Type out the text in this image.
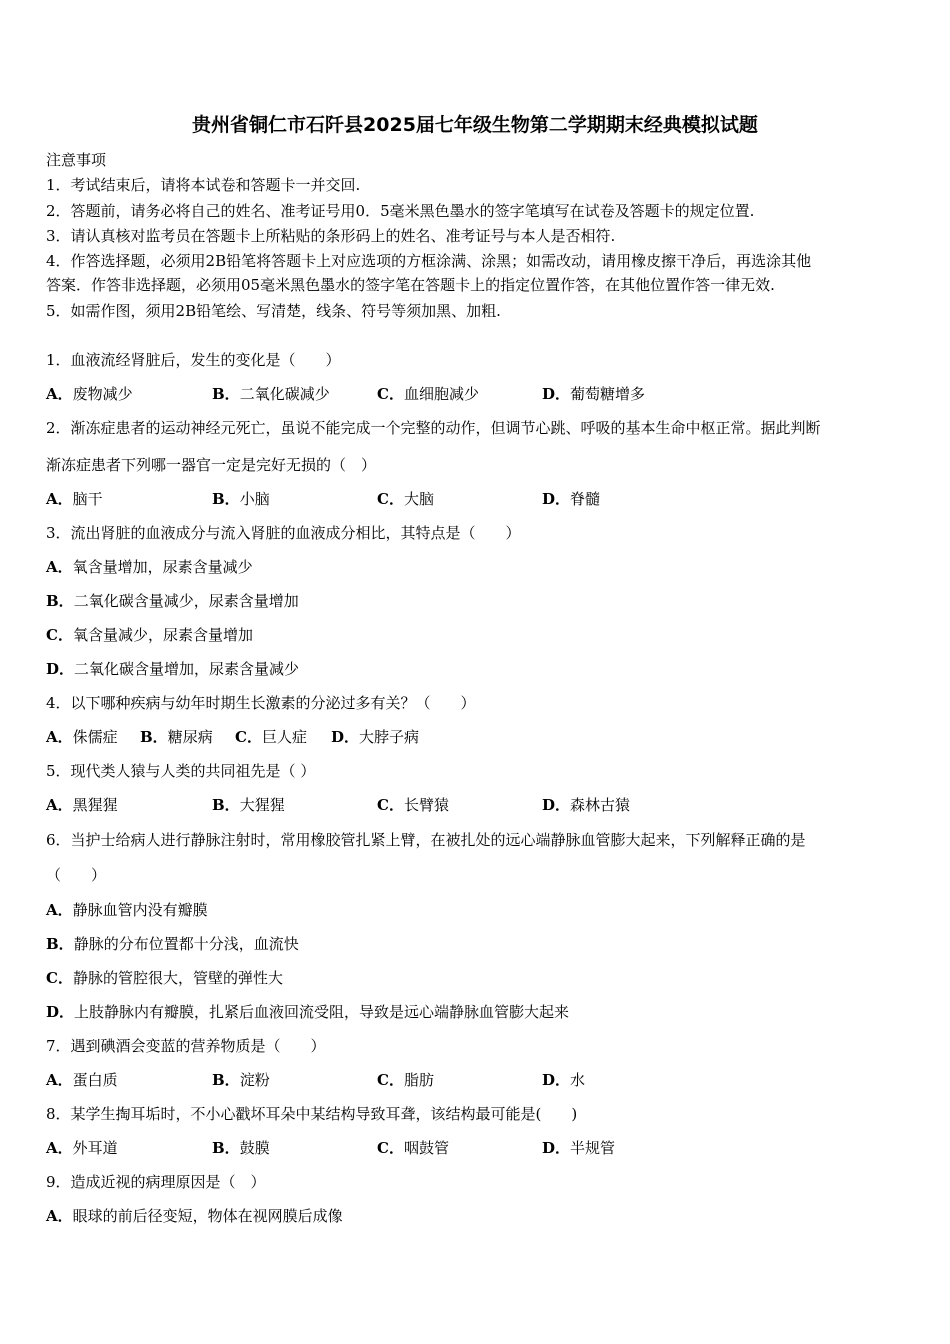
贵州省铜仁市石阡县2025届七年级生物第二学期期末经典模拟试题
注意事项
1．考试结束后，请将本试卷和答题卡一并交回.
2．答题前，请务必将自己的姓名、准考证号用0．5毫米黑色墨水的签字笔填写在试卷及答题卡的规定位置.
3．请认真核对监考员在答题卡上所粘贴的条形码上的姓名、准考证号与本人是否相符.
4．作答选择题，必须用2B铅笔将答题卡上对应选项的方框涂满、涂黑；如需改动，请用橡皮擦干净后，再选涂其他
答案．作答非选择题，必须用05毫米黑色墨水的签字笔在答题卡上的指定位置作答，在其他位置作答一律无效.
5．如需作图，须用2B铅笔绘、写清楚，线条、符号等须加黑、加粗.
1．血液流经肾脏后，发生的变化是（　　）
A．废物减少	B．二氧化碳减少	C．血细胞减少	D．葡萄糖增多
2．渐冻症患者的运动神经元死亡，虽说不能完成一个完整的动作，但调节心跳、呼吸的基本生命中枢正常。据此判断
渐冻症患者下列哪一器官一定是完好无损的（　）
A．脑干	B．小脑	C．大脑	D．脊髓
3．流出肾脏的血液成分与流入肾脏的血液成分相比，其特点是（　　）
A．氧含量增加，尿素含量减少
B．二氧化碳含量减少，尿素含量增加
C．氧含量减少，尿素含量增加
D．二氧化碳含量增加，尿素含量减少
4．以下哪种疾病与幼年时期生长激素的分泌过多有关？（　　）
A．侏儒症 B．糖尿病 C．巨人症 D．大脖子病
5．现代类人猿与人类的共同祖先是（ ）
A．黑猩猩	B．大猩猩	C．长臂猿	D．森林古猿
6．当护士给病人进行静脉注射时，常用橡胶管扎紧上臂，在被扎处的远心端静脉血管膨大起来，下列解释正确的是
（　　）
A．静脉血管内没有瓣膜
B．静脉的分布位置都十分浅，血流快
C．静脉的管腔很大，管壁的弹性大
D．上肢静脉内有瓣膜，扎紧后血液回流受阻，导致是远心端静脉血管膨大起来
7．遇到碘酒会变蓝的营养物质是（　　）
A．蛋白质	B．淀粉	C．脂肪	D．水
8．某学生掏耳垢时，不小心戳坏耳朵中某结构导致耳聋，该结构最可能是(　　)
A．外耳道	B．鼓膜	C．咽鼓管	D．半规管
9．造成近视的病理原因是（　）
A．眼球的前后径变短，物体在视网膜后成像
